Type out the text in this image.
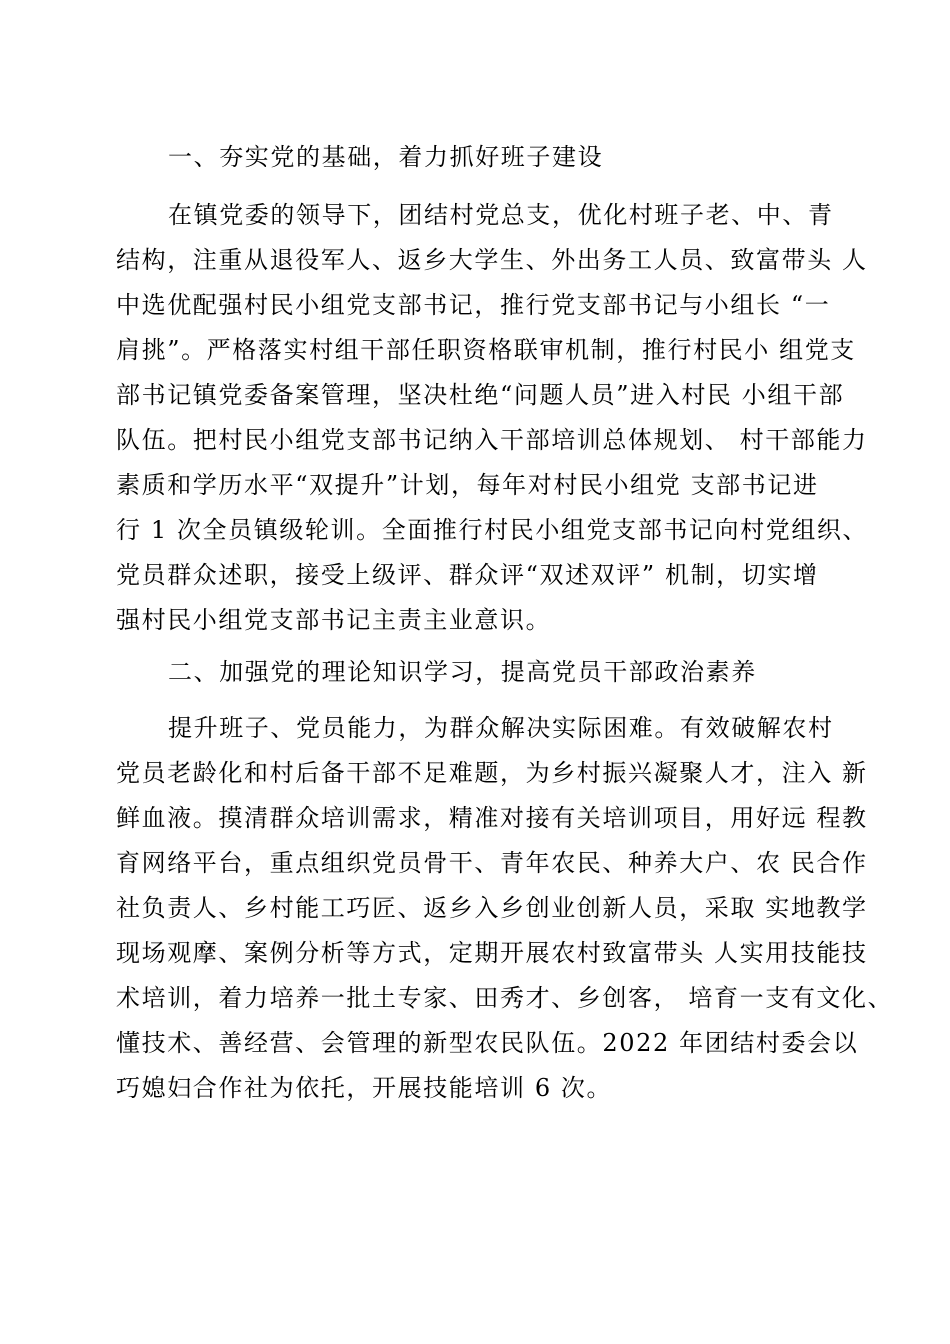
一、夯实党的基础，着力抓好班子建设
在镇党委的领导下，团结村党总支，优化村班子老、中、青
结构，注重从退役军人、返乡大学生、外出务工人员、致富带头 人
中选优配强村民小组党支部书记，推行党支部书记与小组长 “一
肩挑”。严格落实村组干部任职资格联审机制，推行村民小 组党支
部书记镇党委备案管理，坚决杜绝“问题人员”进入村民 小组干部
队伍。把村民小组党支部书记纳入干部培训总体规划、 村干部能力
素质和学历水平“双提升”计划，每年对村民小组党 支部书记进
行 1 次全员镇级轮训。全面推行村民小组党支部书记向村党组织、
党员群众述职，接受上级评、群众评“双述双评” 机制，切实增
强村民小组党支部书记主责主业意识。
二、加强党的理论知识学习，提高党员干部政治素养
提升班子、党员能力，为群众解决实际困难。有效破解农村
党员老龄化和村后备干部不足难题，为乡村振兴凝聚人才，注入 新
鲜血液。摸清群众培训需求，精准对接有关培训项目，用好远 程教
育网络平台，重点组织党员骨干、青年农民、种养大户、农 民合作
社负责人、乡村能工巧匠、返乡入乡创业创新人员，采取 实地教学
现场观摩、案例分析等方式，定期开展农村致富带头 人实用技能技
术培训，着力培养一批土专家、田秀才、乡创客， 培育一支有文化、
懂技术、善经营、会管理的新型农民队伍。2022 年团结村委会以
巧媳妇合作社为依托，开展技能培训 6 次。
